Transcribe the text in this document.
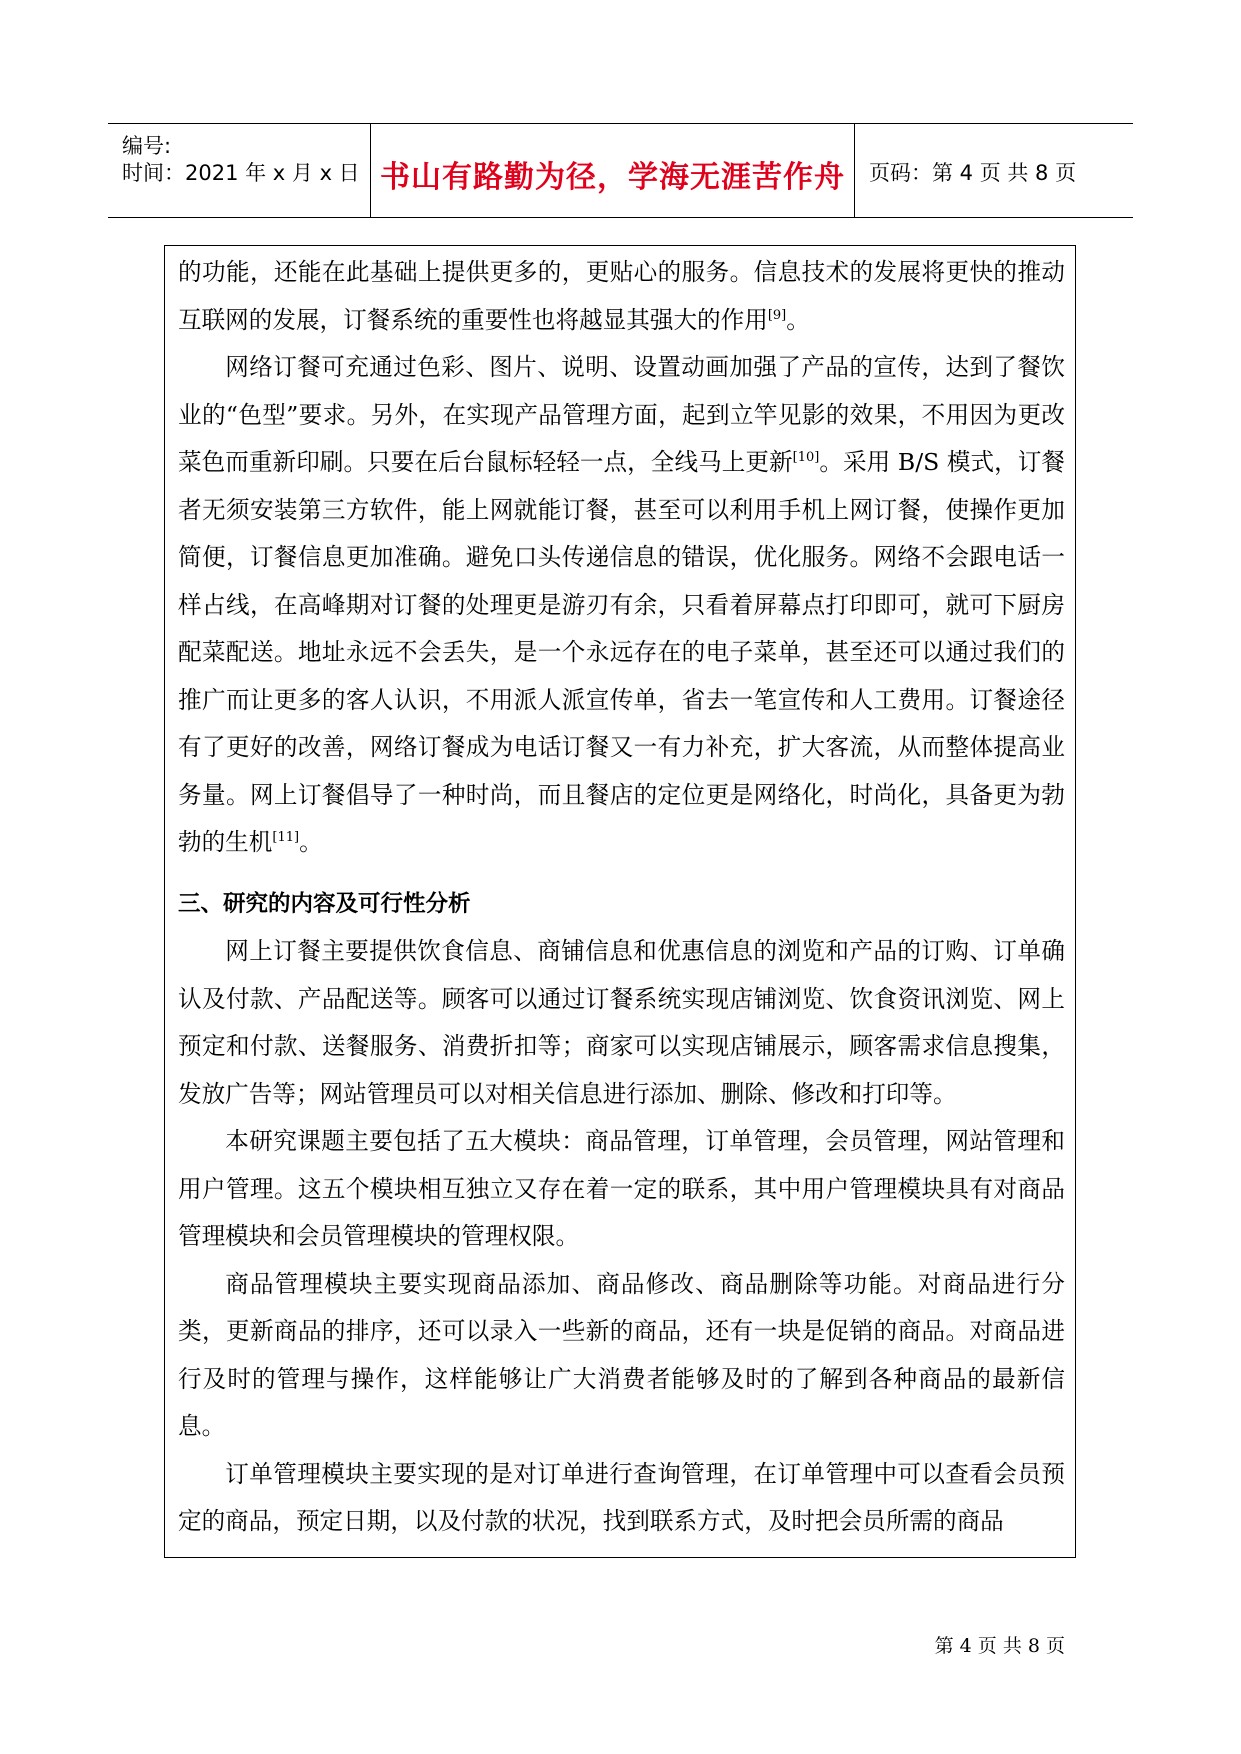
编号:
时间：2021 年 x 月 x 日 书山有路勤为径，学海无涯苦作舟	页码：第 4 页 共 8 页

的功能，还能在此基础上提供更多的，更贴心的服务。信息技术的发展将更快的推动互联网的发展，订餐系统的重要性也将越显其强大的作用[9]。

网络订餐可充通过色彩、图片、说明、设置动画加强了产品的宣传，达到了餐饮业的“色型”要求。另外，在实现产品管理方面，起到立竿见影的效果，不用因为更改菜色而重新印刷。只要在后台鼠标轻轻一点，全线马上更新[10]。采用 B/S 模式，订餐者无须安装第三方软件，能上网就能订餐，甚至可以利用手机上网订餐，使操作更加简便，订餐信息更加准确。避免口头传递信息的错误，优化服务。网络不会跟电话一样占线，在高峰期对订餐的处理更是游刃有余，只看着屏幕点打印即可，就可下厨房配菜配送。地址永远不会丢失，是一个永远存在的电子菜单，甚至还可以通过我们的推广而让更多的客人认识，不用派人派宣传单，省去一笔宣传和人工费用。订餐途径有了更好的改善，网络订餐成为电话订餐又一有力补充，扩大客流，从而整体提高业务量。网上订餐倡导了一种时尚，而且餐店的定位更是网络化，时尚化，具备更为勃勃的生机[11]。

三、研究的内容及可行性分析

网上订餐主要提供饮食信息、商铺信息和优惠信息的浏览和产品的订购、订单确认及付款、产品配送等。顾客可以通过订餐系统实现店铺浏览、饮食资讯浏览、网上预定和付款、送餐服务、消费折扣等；商家可以实现店铺展示，顾客需求信息搜集，发放广告等；网站管理员可以对相关信息进行添加、删除、修改和打印等。

本研究课题主要包括了五大模块：商品管理，订单管理，会员管理，网站管理和用户管理。这五个模块相互独立又存在着一定的联系，其中用户管理模块具有对商品管理模块和会员管理模块的管理权限。

商品管理模块主要实现商品添加、商品修改、商品删除等功能。对商品进行分类，更新商品的排序，还可以录入一些新的商品，还有一块是促销的商品。对商品进行及时的管理与操作，这样能够让广大消费者能够及时的了解到各种商品的最新信息。

订单管理模块主要实现的是对订单进行查询管理，在订单管理中可以查看会员预定的商品，预定日期，以及付款的状况，找到联系方式，及时把会员所需的商品

第 4 页 共 8 页
